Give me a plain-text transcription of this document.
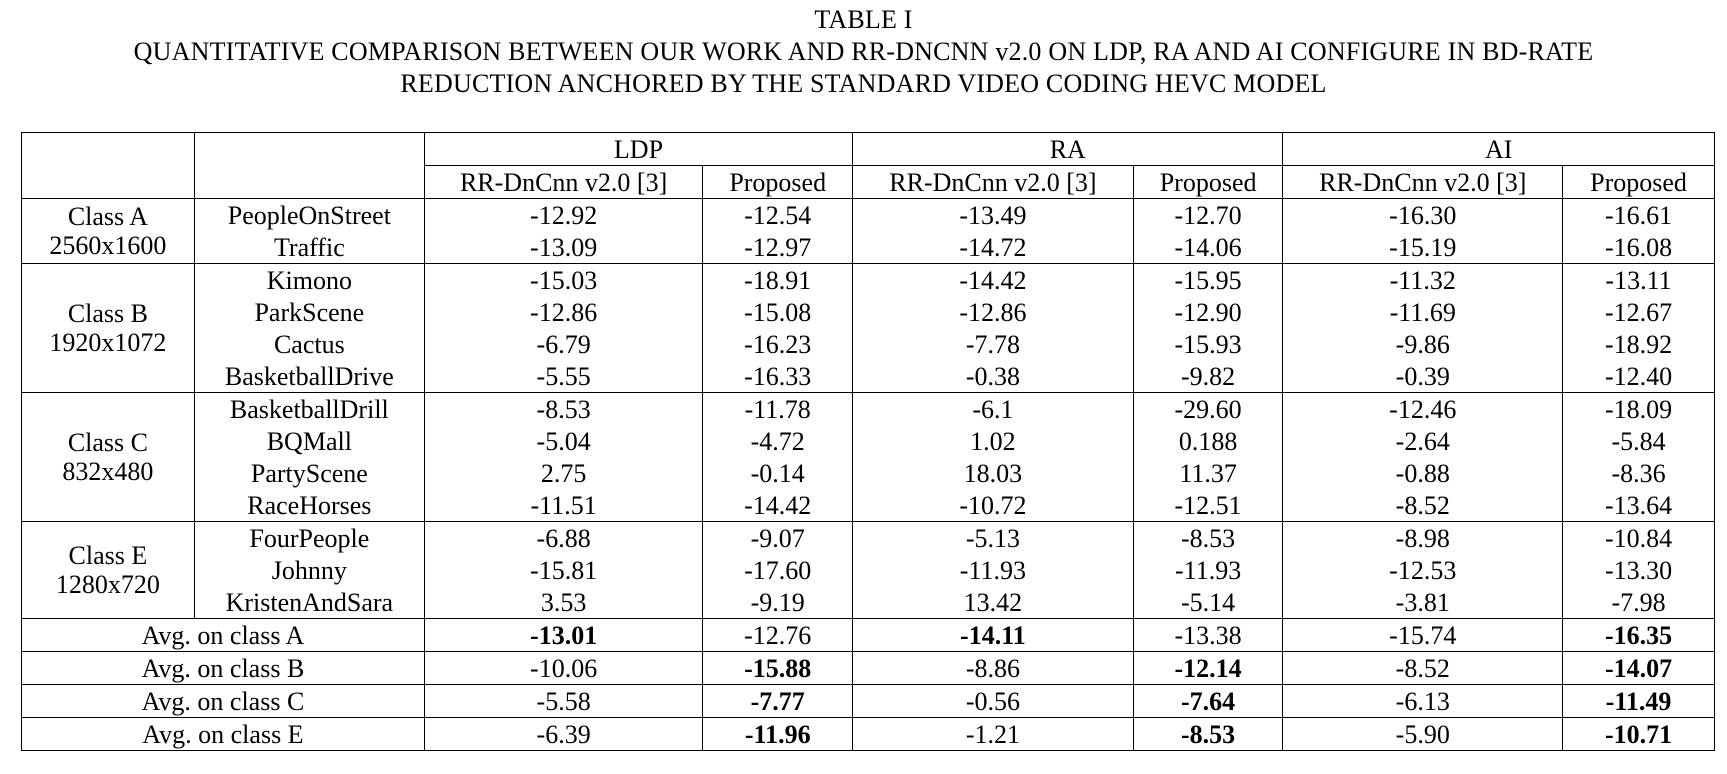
TABLE I
QUANTITATIVE COMPARISON BETWEEN OUR WORK AND RR-DNCNN v2.0 ON LDP, RA AND AI CONFIGURE IN BD-RATE
REDUCTION ANCHORED BY THE STANDARD VIDEO CODING HEVC MODEL
		LDP		RA		AI	
		RR-DnCnn v2.0 [3]	Proposed	RR-DnCnn v2.0 [3]	Proposed	RR-DnCnn v2.0 [3]	Proposed

Class A
2560x1600	PeopleOnStreet	-12.92	-12.54	-13.49	-12.70	-16.30	-16.61
	Traffic	-13.09	-12.97	-14.72	-14.06	-15.19	-16.08

Class B
1920x1072	Kimono	-15.03	-18.91	-14.42	-15.95	-11.32	-13.11
	ParkScene	-12.86	-15.08	-12.86	-12.90	-11.69	-12.67
	Cactus	-6.79	-16.23	-7.78	-15.93	-9.86	-18.92
	BasketballDrive	-5.55	-16.33	-0.38	-9.82	-0.39	-12.40

Class C
832x480	BasketballDrill	-8.53	-11.78	-6.1	-29.60	-12.46	-18.09
	BQMall	-5.04	-4.72	1.02	0.188	-2.64	-5.84
	PartyScene	2.75	-0.14	18.03	11.37	-0.88	-8.36
	RaceHorses	-11.51	-14.42	-10.72	-12.51	-8.52	-13.64

Class E
1280x720	FourPeople	-6.88	-9.07	-5.13	-8.53	-8.98	-10.84
	Johnny	-15.81	-17.60	-11.93	-11.93	-12.53	-13.30
	KristenAndSara	3.53	-9.19	13.42	-5.14	-3.81	-7.98
Avg. on class A		-13.01	-12.76	-14.11	-13.38	-15.74	-16.35
Avg. on class B		-10.06	-15.88	-8.86	-12.14	-8.52	-14.07
Avg. on class C		-5.58	-7.77	-0.56	-7.64	-6.13	-11.49
Avg. on class E		-6.39	-11.96	-1.21	-8.53	-5.90	-10.71
